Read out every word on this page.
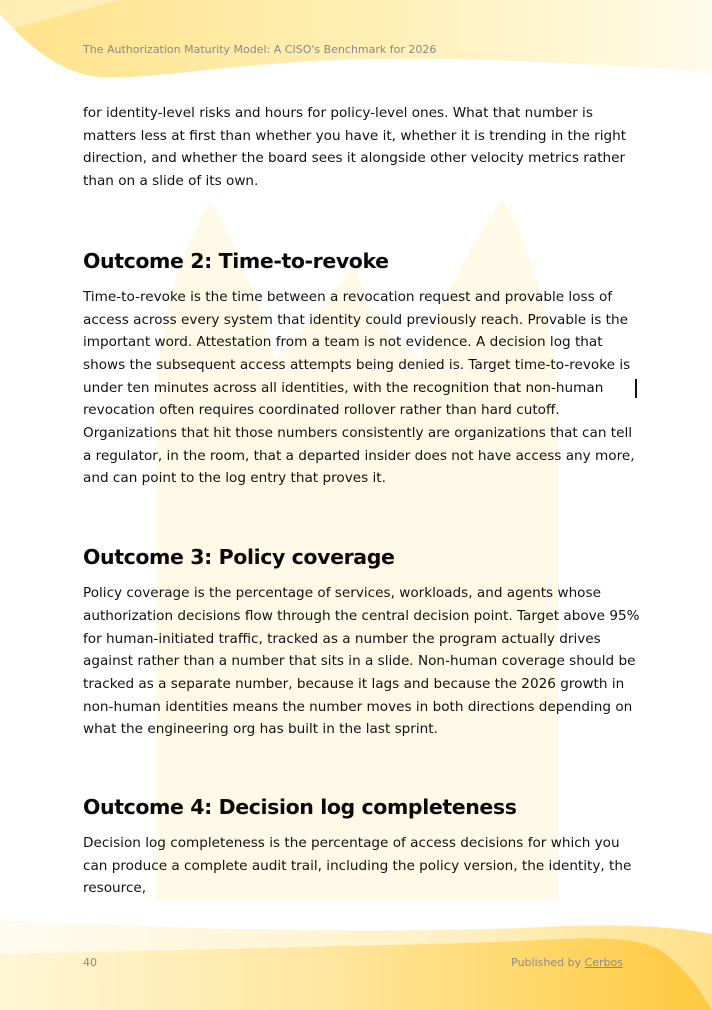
The Authorization Maturity Model: A CISO's Benchmark for 2026

for identity-level risks and hours for policy-level ones. What that number is matters less at first than whether you have it, whether it is trending in the right direction, and whether the board sees it alongside other velocity metrics rather than on a slide of its own.

Outcome 2: Time-to-revoke

Time-to-revoke is the time between a revocation request and provable loss of access across every system that identity could previously reach. Provable is the important word. Attestation from a team is not evidence. A decision log that shows the subsequent access attempts being denied is. Target time-to-revoke is under ten minutes across all identities, with the recognition that non-human revocation often requires coordinated rollover rather than hard cutoff. Organizations that hit those numbers consistently are organizations that can tell a regulator, in the room, that a departed insider does not have access any more, and can point to the log entry that proves it.

Outcome 3: Policy coverage

Policy coverage is the percentage of services, workloads, and agents whose authorization decisions flow through the central decision point. Target above 95% for human-initiated traffic, tracked as a number the program actually drives against rather than a number that sits in a slide. Non-human coverage should be tracked as a separate number, because it lags and because the 2026 growth in non-human identities means the number moves in both directions depending on what the engineering org has built in the last sprint.

Outcome 4: Decision log completeness

Decision log completeness is the percentage of access decisions for which you can produce a complete audit trail, including the policy version, the identity, the resource,

40	Published by Cerbos
